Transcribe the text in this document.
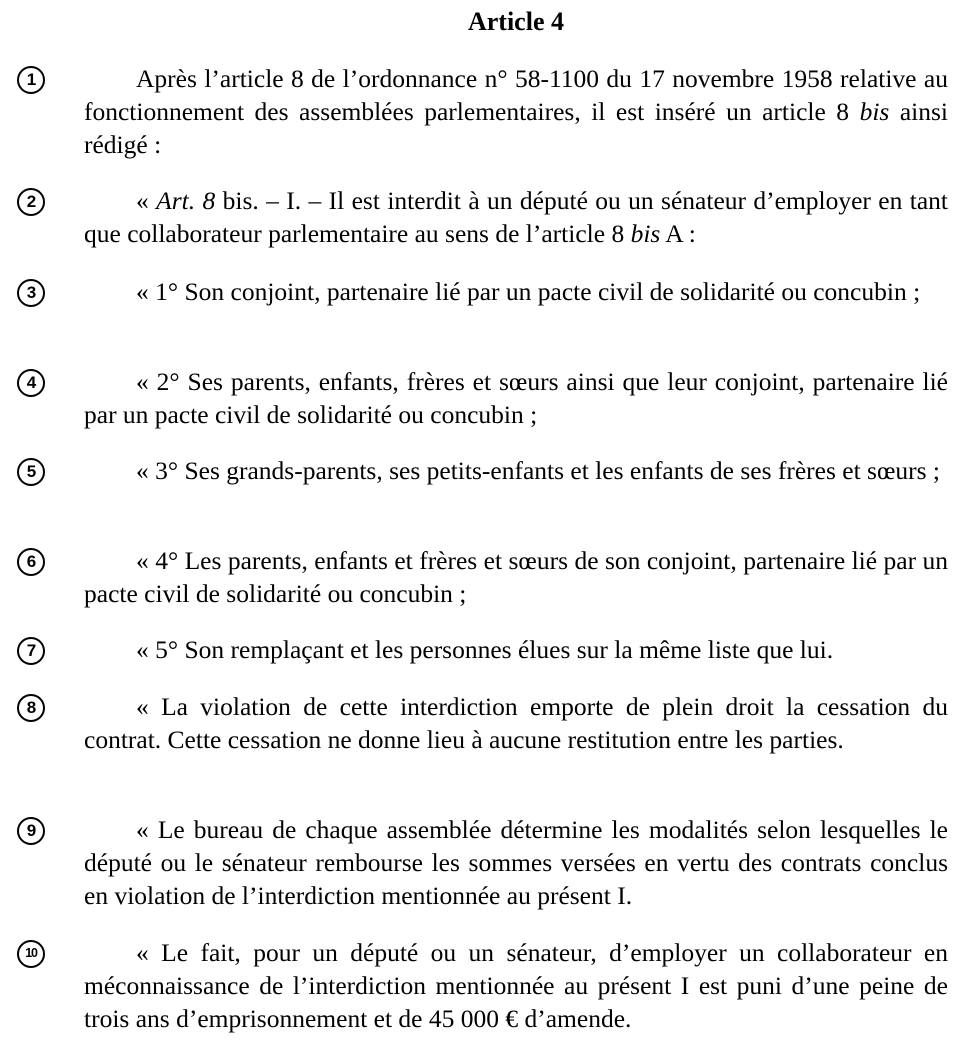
Article 4
1	Après l’article 8 de l’ordonnance n° 58-1100 du 17 novembre 1958 relative au fonctionnement des assemblées parlementaires, il est inséré un article 8 bis ainsi rédigé :

2	« Art. 8 bis. – I. – Il est interdit à un député ou un sénateur d’employer en tant que collaborateur parlementaire au sens de l’article 8 bis A :

3	« 1° Son conjoint, partenaire lié par un pacte civil de solidarité ou concubin ;

4	« 2° Ses parents, enfants, frères et sœurs ainsi que leur conjoint, partenaire lié par un pacte civil de solidarité ou concubin ;

5	« 3° Ses grands-parents, ses petits-enfants et les enfants de ses frères et sœurs ;

6	« 4° Les parents, enfants et frères et sœurs de son conjoint, partenaire lié par un pacte civil de solidarité ou concubin ;

7	« 5° Son remplaçant et les personnes élues sur la même liste que lui.

8	« La violation de cette interdiction emporte de plein droit la cessation du contrat. Cette cessation ne donne lieu à aucune restitution entre les parties.

9	« Le bureau de chaque assemblée détermine les modalités selon lesquelles le député ou le sénateur rembourse les sommes versées en vertu des contrats conclus en violation de l’interdiction mentionnée au présent I.

10	« Le fait, pour un député ou un sénateur, d’employer un collaborateur en méconnaissance de l’interdiction mentionnée au présent I est puni d’une peine de trois ans d’emprisonnement et de 45 000 € d’amende.
